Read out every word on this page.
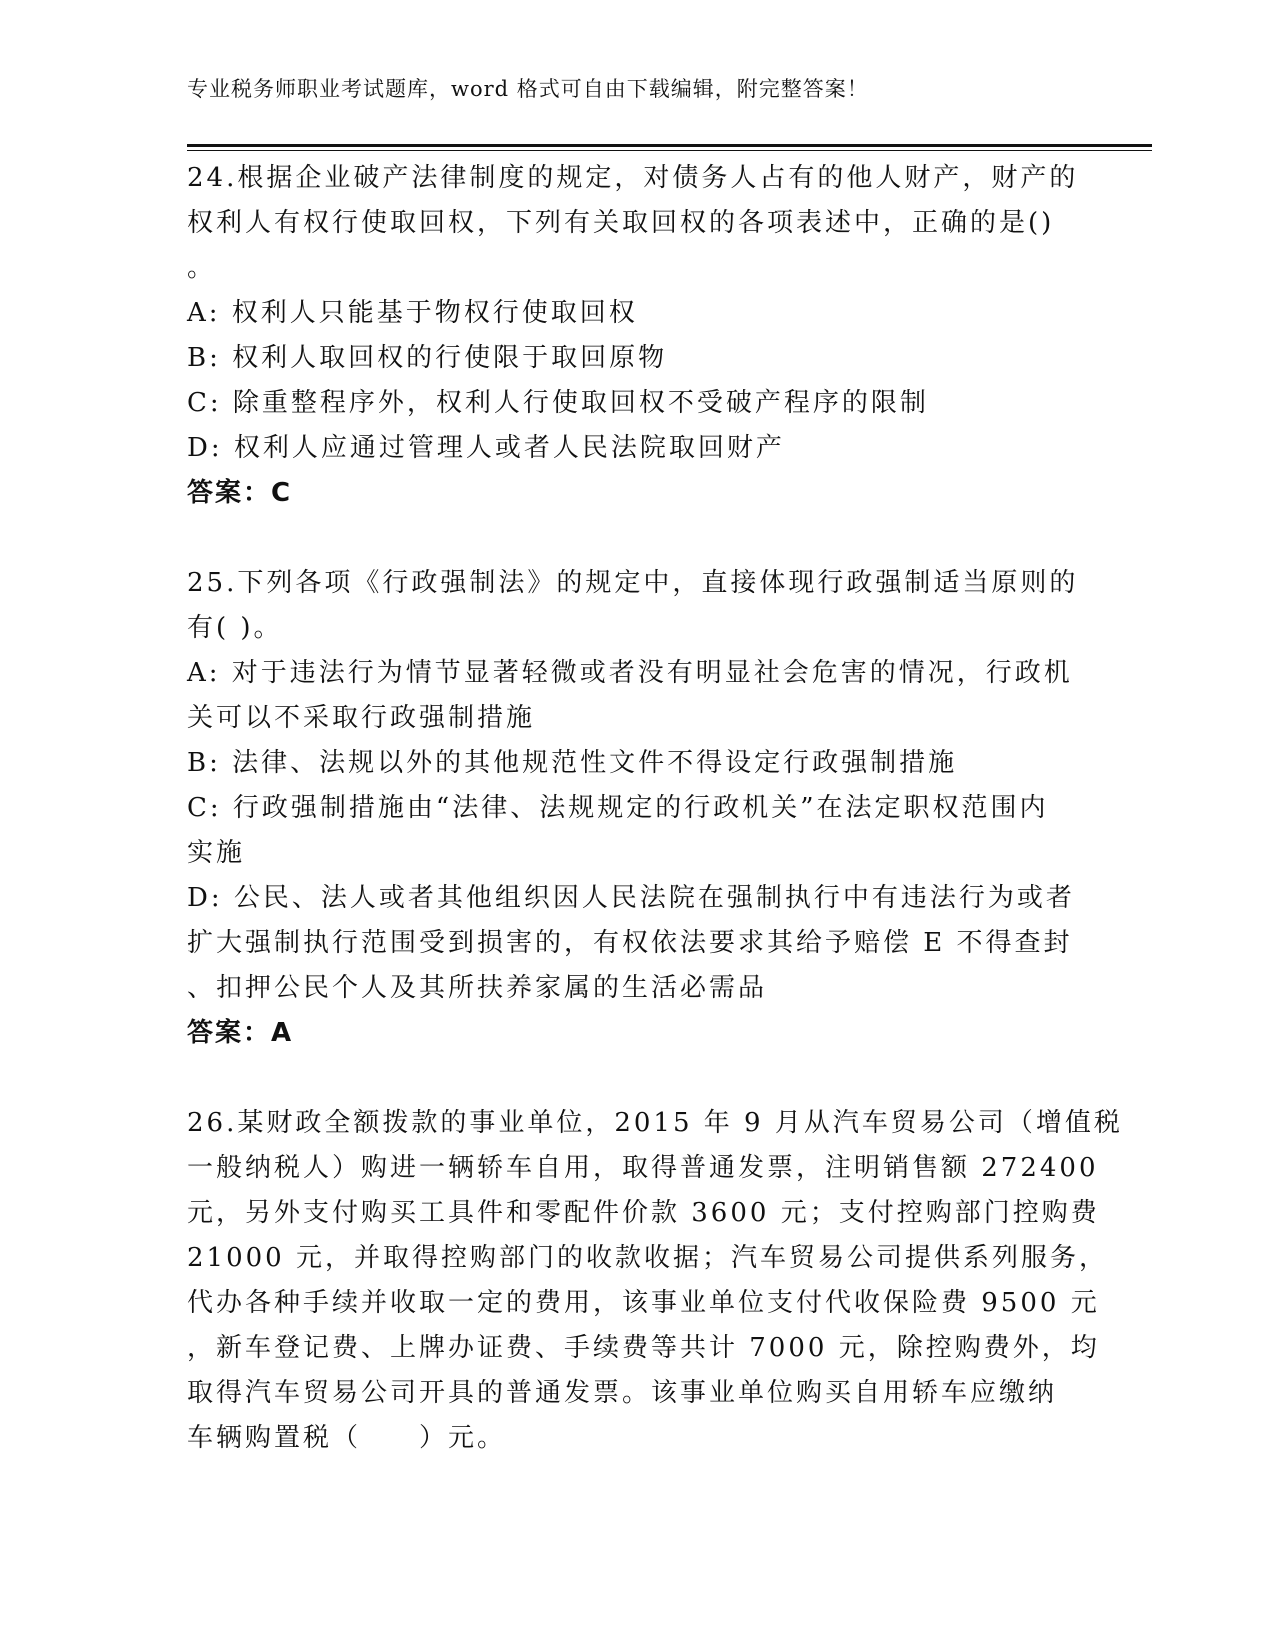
专业税务师职业考试题库，word 格式可自由下载编辑，附完整答案！
24.根据企业破产法律制度的规定，对债务人占有的他人财产，财产的
权利人有权行使取回权，下列有关取回权的各项表述中，正确的是()
。
A: 权利人只能基于物权行使取回权
B: 权利人取回权的行使限于取回原物
C: 除重整程序外，权利人行使取回权不受破产程序的限制
D: 权利人应通过管理人或者人民法院取回财产
答案：C
25.下列各项《行政强制法》的规定中，直接体现行政强制适当原则的
有( )。
A: 对于违法行为情节显著轻微或者没有明显社会危害的情况，行政机
关可以不采取行政强制措施
B: 法律、法规以外的其他规范性文件不得设定行政强制措施
C: 行政强制措施由“法律、法规规定的行政机关”在法定职权范围内
实施
D: 公民、法人或者其他组织因人民法院在强制执行中有违法行为或者
扩大强制执行范围受到损害的，有权依法要求其给予赔偿 E 不得查封
、扣押公民个人及其所扶养家属的生活必需品
答案：A
26.某财政全额拨款的事业单位，2015 年 9 月从汽车贸易公司（增值税
一般纳税人）购进一辆轿车自用，取得普通发票，注明销售额 272400
元，另外支付购买工具件和零配件价款 3600 元；支付控购部门控购费
21000 元，并取得控购部门的收款收据；汽车贸易公司提供系列服务，
代办各种手续并收取一定的费用，该事业单位支付代收保险费 9500 元
，新车登记费、上牌办证费、手续费等共计 7000 元，除控购费外，均
取得汽车贸易公司开具的普通发票。该事业单位购买自用轿车应缴纳
车辆购置税（　　）元。
